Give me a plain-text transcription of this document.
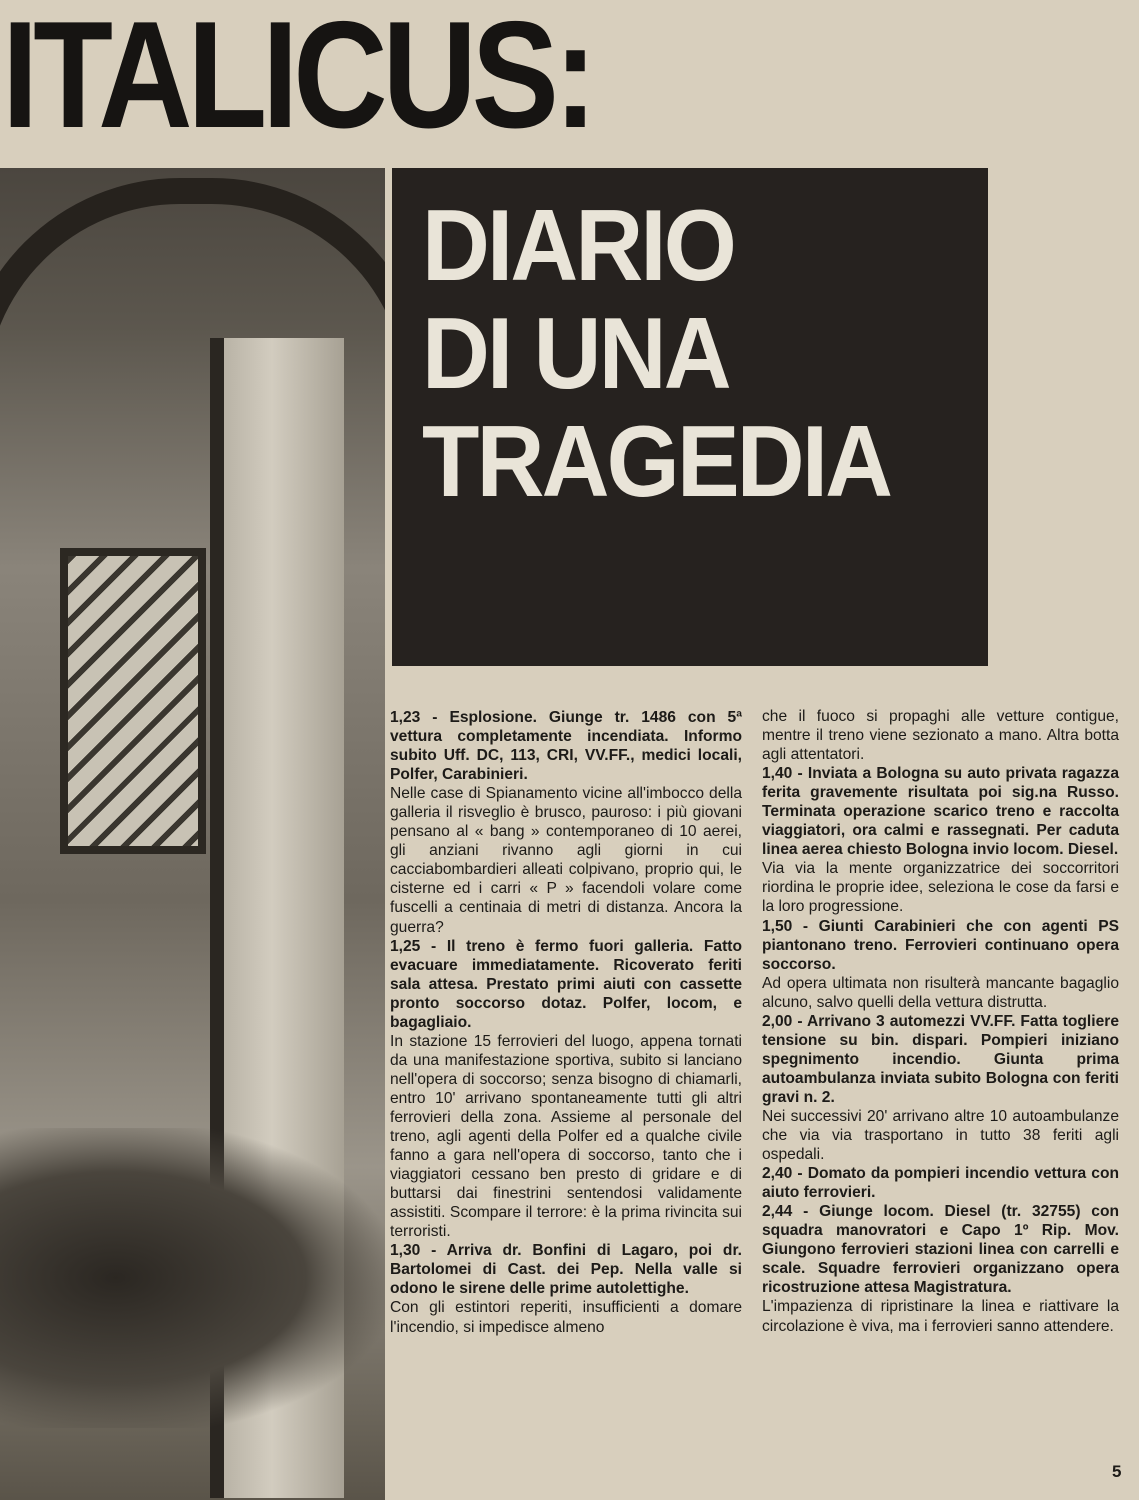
ITALICUS:
DIARIO
DI UNA
TRAGEDIA

1,23 - Esplosione. Giunge tr. 1486 con 5ª vettura completamente incendiata. Informo subito Uff. DC, 113, CRI, VV.FF., medici locali, Polfer, Carabinieri.

Nelle case di Spianamento vicine all'imbocco della galleria il risveglio è brusco, pauroso: i più giovani pensano al « bang » contemporaneo di 10 aerei, gli anziani rivanno agli giorni in cui cacciabombardieri alleati colpivano, proprio qui, le cisterne ed i carri « P » facendoli volare come fuscelli a centinaia di metri di distanza. Ancora la guerra?

1,25 - Il treno è fermo fuori galleria. Fatto evacuare immediatamente. Ricoverato feriti sala attesa. Prestato primi aiuti con cassette pronto soccorso dotaz. Polfer, locom, e bagagliaio.

In stazione 15 ferrovieri del luogo, appena tornati da una manifestazione sportiva, subito si lanciano nell'opera di soccorso; senza bisogno di chiamarli, entro 10' arrivano spontaneamente tutti gli altri ferrovieri della zona. Assieme al personale del treno, agli agenti della Polfer ed a qualche civile fanno a gara nell'opera di soccorso, tanto che i viaggiatori cessano ben presto di gridare e di buttarsi dai finestrini sentendosi validamente assistiti. Scompare il terrore: è la prima rivincita sui terroristi.

1,30 - Arriva dr. Bonfini di Lagaro, poi dr. Bartolomei di Cast. dei Pep. Nella valle si odono le sirene delle prime autolettighe.

Con gli estintori reperiti, insufficienti a domare l'incendio, si impedisce almeno

che il fuoco si propaghi alle vetture contigue, mentre il treno viene sezionato a mano. Altra botta agli attentatori.

1,40 - Inviata a Bologna su auto privata ragazza ferita gravemente risultata poi sig.na Russo. Terminata operazione scarico treno e raccolta viaggiatori, ora calmi e rassegnati. Per caduta linea aerea chiesto Bologna invio locom. Diesel.

Via via la mente organizzatrice dei soccorritori riordina le proprie idee, seleziona le cose da farsi e la loro progressione.

1,50 - Giunti Carabinieri che con agenti PS piantonano treno. Ferrovieri continuano opera soccorso.

Ad opera ultimata non risulterà mancante bagaglio alcuno, salvo quelli della vettura distrutta.

2,00 - Arrivano 3 automezzi VV.FF. Fatta togliere tensione su bin. dispari. Pompieri iniziano spegnimento incendio. Giunta prima autoambulanza inviata subito Bologna con feriti gravi n. 2.

Nei successivi 20' arrivano altre 10 autoambulanze che via via trasportano in tutto 38 feriti agli ospedali.

2,40 - Domato da pompieri incendio vettura con aiuto ferrovieri.

2,44 - Giunge locom. Diesel (tr. 32755) con squadra manovratori e Capo 1º Rip. Mov. Giungono ferrovieri stazioni linea con carrelli e scale. Squadre ferrovieri organizzano opera ricostruzione attesa Magistratura.

L'impazienza di ripristinare la linea e riattivare la circolazione è viva, ma i ferrovieri sanno attendere.

5
